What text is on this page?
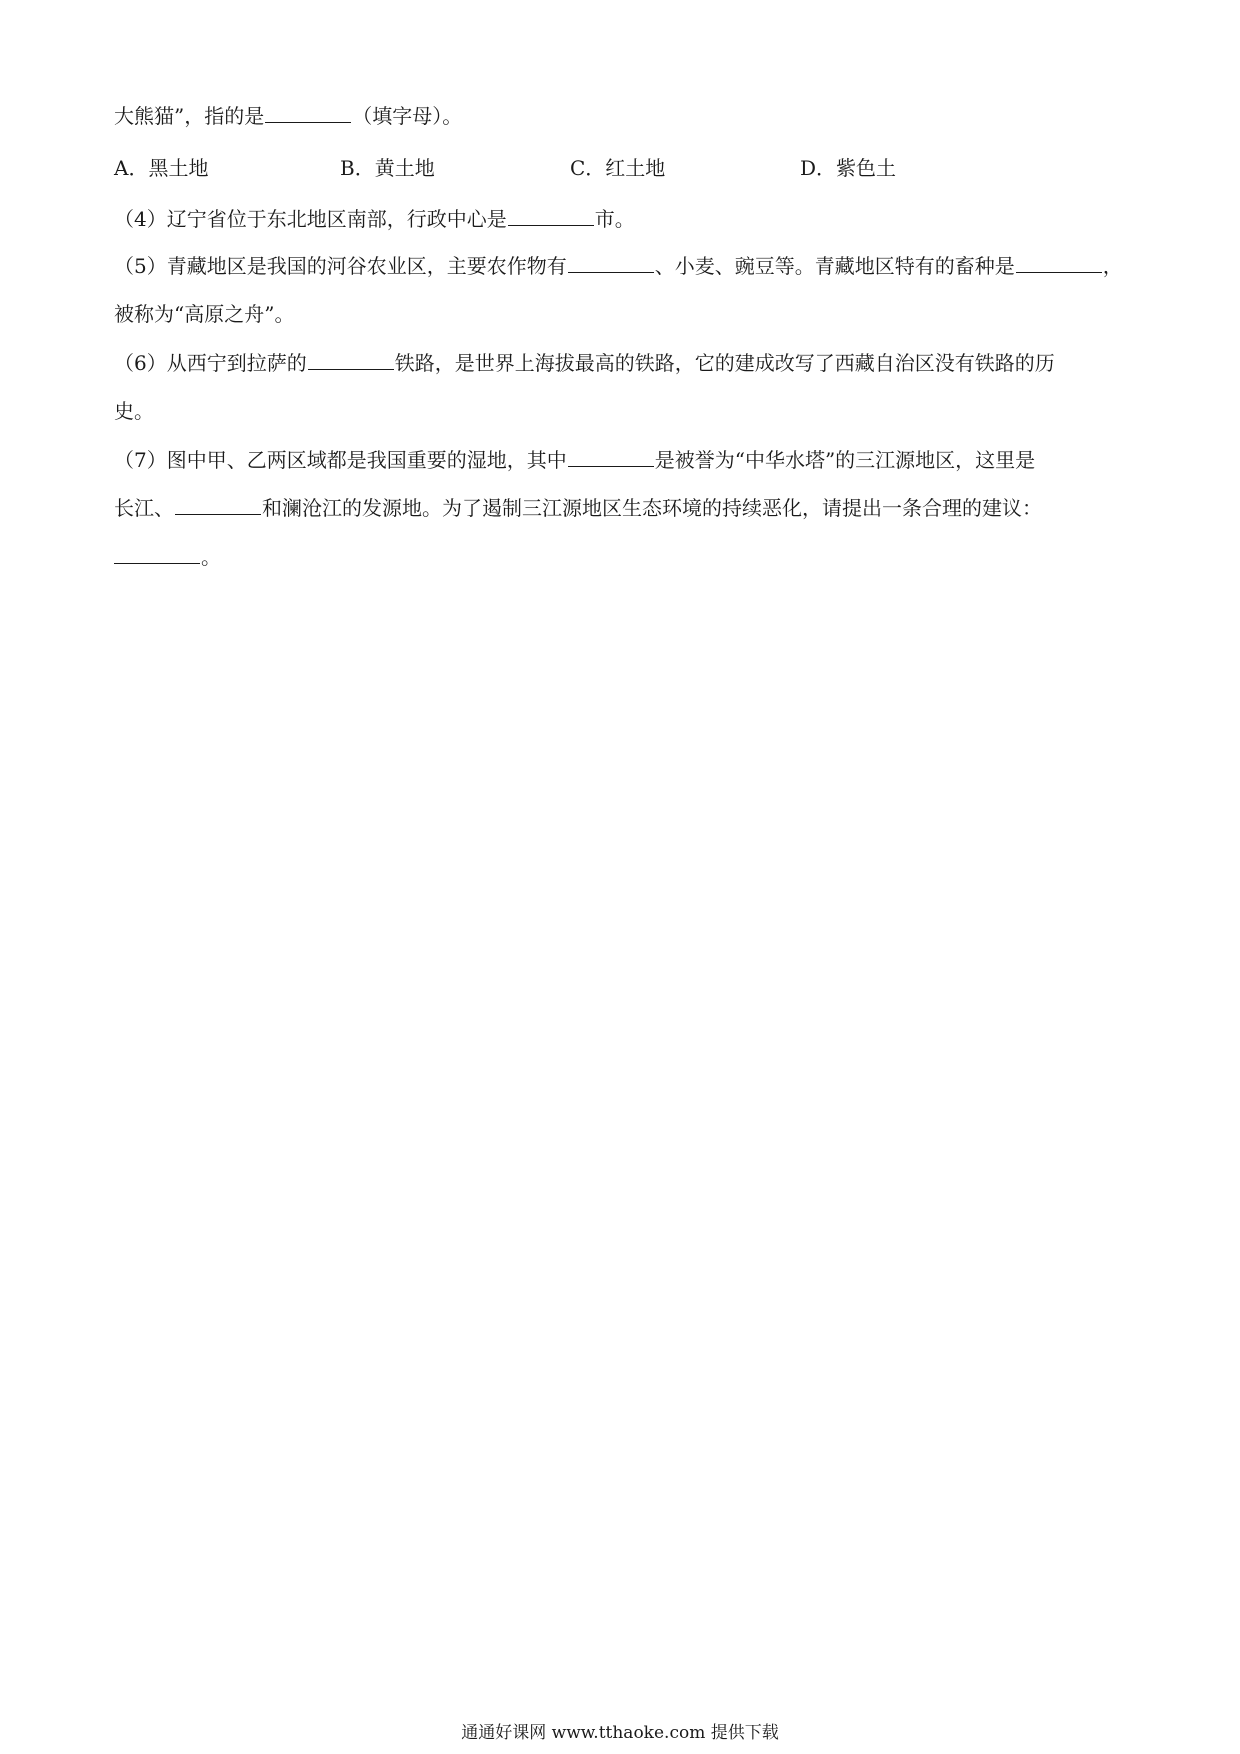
大熊猫”，指的是	（填字母）。
A．黑土地	B．黄土地	C．红土地	D．紫色土
（4）辽宁省位于东北地区南部，行政中心是	市。
（5）青藏地区是我国的河谷农业区，主要农作物有	、小麦、豌豆等。青藏地区特有的畜种是	，
被称为“高原之舟”。
（6）从西宁到拉萨的	铁路，是世界上海拔最高的铁路，它的建成改写了西藏自治区没有铁路的历
史。
（7）图中甲、乙两区域都是我国重要的湿地，其中	是被誉为“中华水塔”的三江源地区，这里是
长江、	和澜沧江的发源地。为了遏制三江源地区生态环境的持续恶化，请提出一条合理的建议：
。
通通好课网 www.tthaoke.com 提供下载
